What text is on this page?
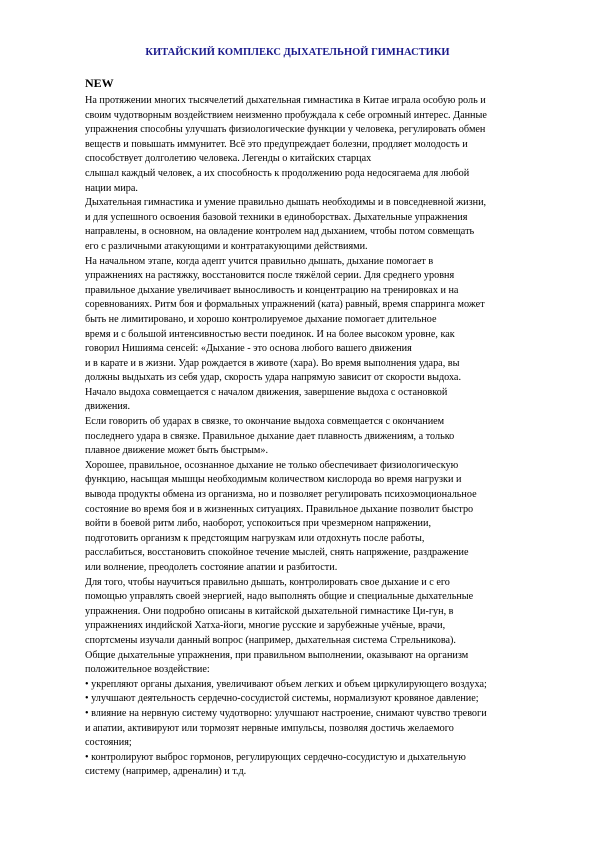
КИТАЙСКИЙ КОМПЛЕКС ДЫХАТЕЛЬНОЙ ГИМНАСТИКИ
NEW
На протяжении многих тысячелетий дыхательная гимнастика в Китае играла особую роль и
своим чудотворным воздействием неизменно пробуждала к себе огромный интерес. Данные
упражнения способны улучшать физиологические функции у человека, регулировать обмен
веществ и повышать иммунитет. Всё это предупреждает болезни, продляет молодость и
способствует долголетию человека. Легенды о китайских старцах
слышал каждый человек, а их способность к продолжению рода недосягаема для любой
нации мира.
Дыхательная гимнастика и умение правильно дышать необходимы и в повседневной жизни,
и для успешного освоения базовой техники в единоборствах. Дыхательные упражнения
направлены, в основном, на овладение контролем над дыханием, чтобы потом совмещать
его с различными атакующими и контратакующими действиями.
На начальном этапе, когда адепт учится правильно дышать, дыхание помогает в
упражнениях на растяжку, восстановится после тяжёлой серии. Для среднего уровня
правильное дыхание увеличивает выносливость и концентрацию на тренировках и на
соревнованиях. Ритм боя и формальных упражнений (ката) равный, время спарринга может
быть не лимитировано, и хорошо контролируемое дыхание помогает длительное
время и с большой интенсивностью вести поединок. И на более высоком уровне, как
говорил Нишияма сенсей: «Дыхание - это основа любого вашего движения
и в карате и в жизни. Удар рождается в животе (хара). Во время выполнения удара, вы
должны выдыхать из себя удар, скорость удара напрямую зависит от скорости выдоха.
Начало выдоха совмещается с началом движения, завершение выдоха с остановкой
движения.
Если говорить об ударах в связке, то окончание выдоха совмещается с окончанием
последнего удара в связке. Правильное дыхание дает плавность движениям, а только
плавное движение может быть быстрым».
Хорошее, правильное, осознанное дыхание не только обеспечивает физиологическую
функцию, насыщая мышцы необходимым количеством кислорода во время нагрузки и
вывода продукты обмена из организма, но и позволяет регулировать психоэмоциональное
состояние во время боя и в жизненных ситуациях. Правильное дыхание позволит быстро
войти в боевой ритм либо, наоборот, успокоиться при чрезмерном напряжении,
подготовить организм к предстоящим нагрузкам или отдохнуть после работы,
расслабиться, восстановить спокойное течение мыслей, снять напряжение, раздражение
или волнение, преодолеть состояние апатии и разбитости.
Для того, чтобы научиться правильно дышать, контролировать свое дыхание и с его
помощью управлять своей энергией, надо выполнять общие и специальные дыхательные
упражнения. Они подробно описаны в китайской дыхательной гимнастике Ци-гун, в
упражнениях индийской Хатха-йоги, многие русские и зарубежные учёные, врачи,
спортсмены изучали данный вопрос (например, дыхательная система Стрельникова).
Общие дыхательные упражнения, при правильном выполнении, оказывают на организм
положительное воздействие:
• укрепляют органы дыхания, увеличивают объем легких и объем циркулирующего воздуха;
• улучшают деятельность сердечно-сосудистой системы, нормализуют кровяное давление;
• влияние на нервную систему чудотворно: улучшают настроение, снимают чувство тревоги
и апатии, активируют или тормозят нервные импульсы, позволяя достичь желаемого
состояния;
• контролируют выброс гормонов, регулирующих сердечно-сосудистую и дыхательную
систему (например, адреналин) и т.д.
